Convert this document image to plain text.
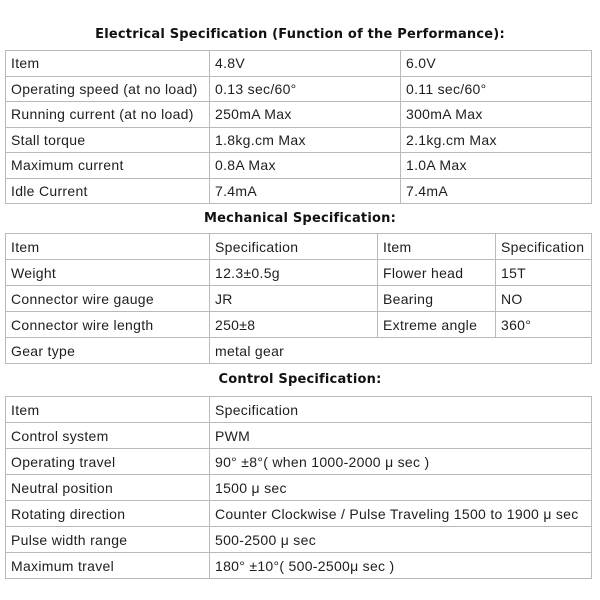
Electrical Specification (Function of the Performance):
Item	4.8V	6.0V
Operating speed (at no load)	0.13 sec/60°	0.11 sec/60°
Running current (at no load)	250mA Max	300mA Max
Stall torque	1.8kg.cm Max	2.1kg.cm Max
Maximum current	0.8A Max	1.0A Max
Idle Current	7.4mA	7.4mA
Mechanical Specification:
Item	Specification	Item	Specification
Weight	12.3±0.5g	Flower head	15T
Connector wire gauge	JR	Bearing	NO
Connector wire length	250±8	Extreme angle	360°
Gear type	metal gear		
Control Specification:
Item	Specification
Control system	PWM
Operating travel	90° ±8°( when 1000-2000 μ sec )
Neutral position	1500 μ sec
Rotating direction	Counter Clockwise / Pulse Traveling 1500 to 1900 μ sec
Pulse width range	500-2500 μ sec
Maximum travel	180° ±10°( 500-2500μ sec )
